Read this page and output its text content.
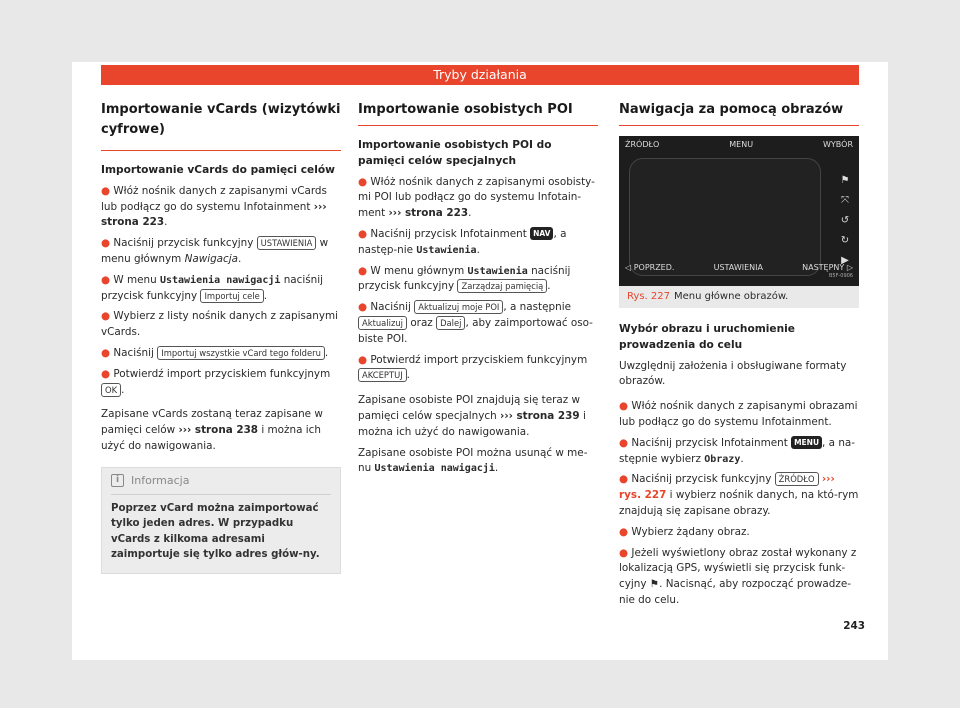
Tryby działania
Importowanie vCards (wizytówki cyfrowe)
Importowanie vCards do pamięci celów

● Włóż nośnik danych z zapisanymi vCards lub podłącz go do systemu Infotainment ››› strona 223.

● Naciśnij przycisk funkcyjny USTAWIENIA w menu głównym Nawigacja.

● W menu Ustawienia nawigacji naciśnij przycisk funkcyjny Importuj cele .

● Wybierz z listy nośnik danych z zapisanymi vCards.

● Naciśnij Importuj wszystkie vCard tego folderu .

● Potwierdź import przyciskiem funkcyjnym OK .

Zapisane vCards zostaną teraz zapisane w pamięci celów ››› strona 238 i można ich użyć do nawigowania.

i	Informacja
Poprzez vCard można zaimportować tylko jeden adres. W przypadku vCards z kilkoma adresami zaimportuje się tylko adres głów-ny.
Importowanie osobistych POI
Importowanie osobistych POI do pamięci celów specjalnych

● Włóż nośnik danych z zapisanymi osobisty-mi POI lub podłącz go do systemu Infotain-ment ››› strona 223.

● Naciśnij przycisk Infotainment NAV , a następ-nie Ustawienia.

● W menu głównym Ustawienia naciśnij przycisk funkcyjny Zarządzaj pamięcią .

● Naciśnij Aktualizuj moje POI , a następnie Aktualizuj oraz Dalej , aby zaimportować oso-biste POI.

● Potwierdź import przyciskiem funkcyjnym AKCEPTUJ .

Zapisane osobiste POI znajdują się teraz w pamięci celów specjalnych ››› strona 239 i można ich użyć do nawigowania.

Zapisane osobiste POI można usunąć w me-nu Ustawienia nawigacji.

Nawigacja za pomocą obrazów
ŹRÓDŁO	MENU	WYBÓR
⚑
⤧
↺
↻
▶
◁ POPRZED.	USTAWIENIA	NASTĘPNY ▷
B5F-0906
Rys. 227 Menu główne obrazów.
Wybór obrazu i uruchomienie prowadzenia do celu

Uwzględnij założenia i obsługiwane formaty obrazów.

● Włóż nośnik danych z zapisanymi obrazami lub podłącz go do systemu Infotainment.

● Naciśnij przycisk Infotainment MENU , a na-stępnie wybierz Obrazy.

● Naciśnij przycisk funkcyjny ŹRÓDŁO ››› rys. 227 i wybierz nośnik danych, na któ-rym znajdują się zapisane obrazy.

● Wybierz żądany obraz.

● Jeżeli wyświetlony obraz został wykonany z lokalizacją GPS, wyświetli się przycisk funk-cyjny ⚑. Nacisnąć, aby rozpocząć prowadze-nie do celu.

243
